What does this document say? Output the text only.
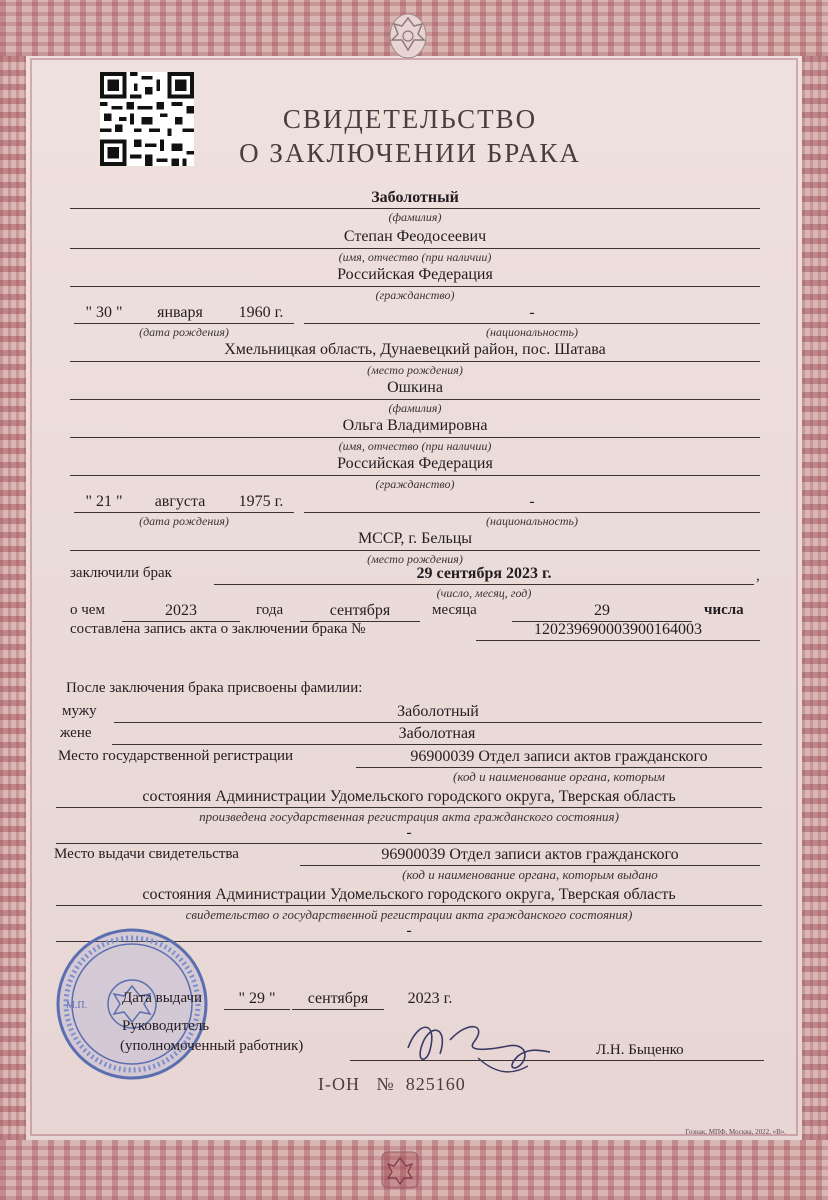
СВИДЕТЕЛЬСТВО
О ЗАКЛЮЧЕНИИ БРАКА
Заболотный
(фамилия)
Степан Феодосеевич
(имя, отчество (при наличии)
Российская Федерация
(гражданство)
" 30 "	января	1960 г.
(дата рождения)
-
(национальность)
Хмельницкая область, Дунаевецкий район, пос. Шатава
(место рождения)
Ошкина
(фамилия)
Ольга Владимировна
(имя, отчество (при наличии)
Российская Федерация
(гражданство)
" 21 "	августа	1975 г.
(дата рождения)
-
(национальность)
МССР, г. Бельцы
(место рождения)
заключили брак	29 сентября 2023 г.	,
(число, месяц, год)
о чем	2023	года	сентября	месяца	29	числа
составлена запись акта о заключении брака №	120239690003900164003
После заключения брака присвоены фамилии:
мужу	Заболотный
жене	Заболотная
Место государственной регистрации	96900039 Отдел записи актов гражданского
(код и наименование органа, которым
состояния Администрации Удомельского городского округа, Тверская область
произведена государственная регистрация акта гражданского состояния)
-
Место выдачи свидетельства	96900039 Отдел записи актов гражданского
(код и наименование органа, которым выдано
состояния Администрации Удомельского городского округа, Тверская область
свидетельство о государственной регистрации акта гражданского состояния)
-
М.П. Дата выдачи	" 29 "	сентября	2023 г.
Руководитель
(уполномоченный работник)	Л.Н. Быценко
I-ОН № 825160
Гознак, МПФ, Москва, 2022, «В».
